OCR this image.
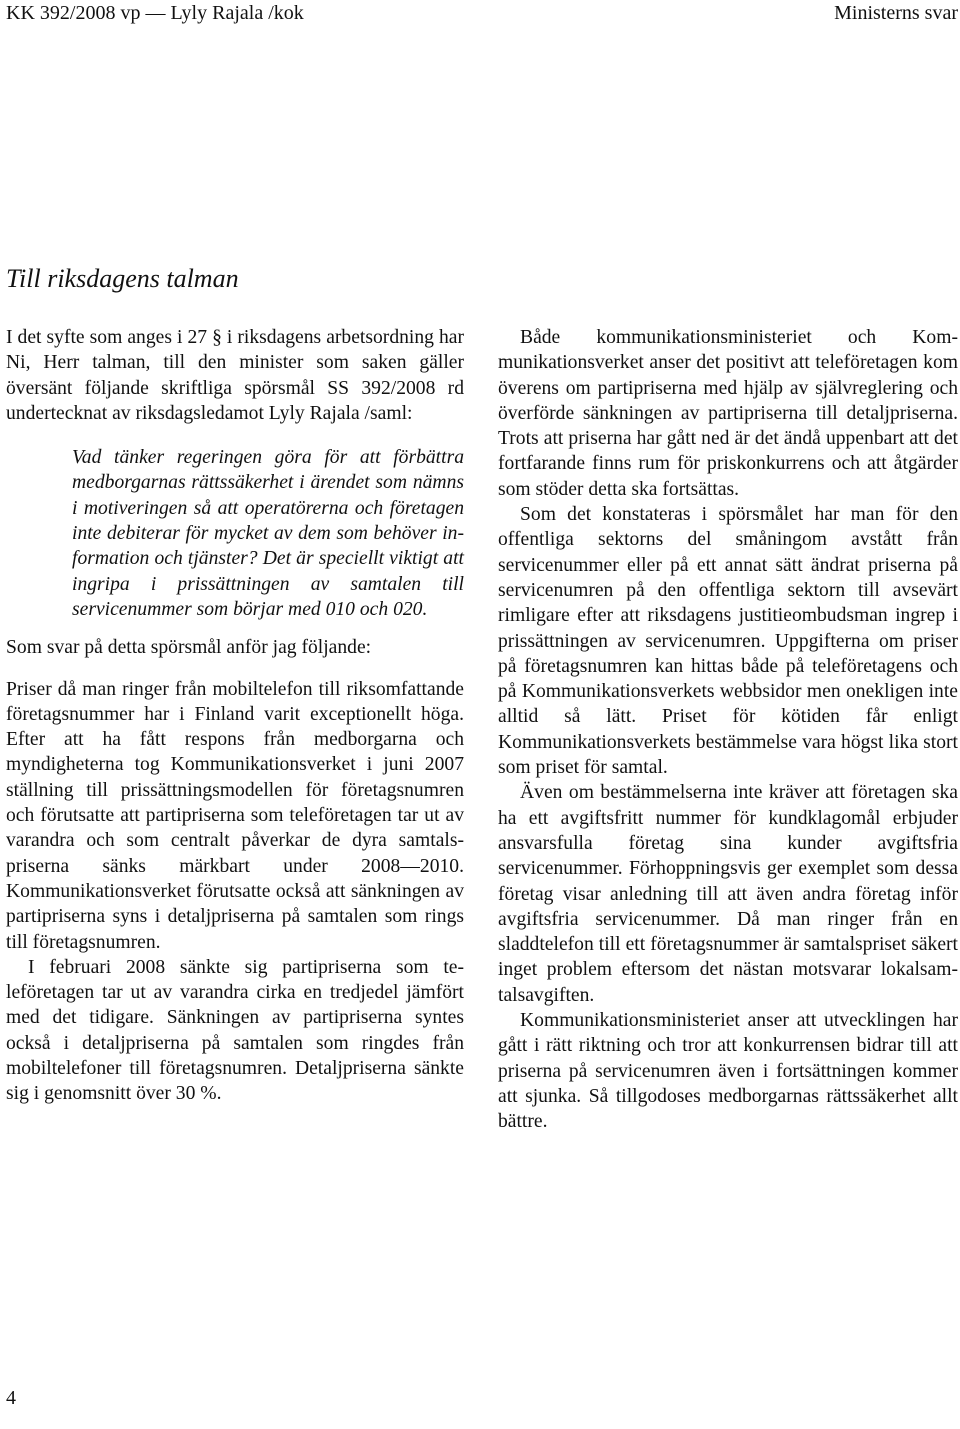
KK 392/2008 vp — Lyly Rajala /kok	Ministerns svar
Till riksdagens talman

I det syfte som anges i 27 § i riksdagens arbetsordning har Ni, Herr talman, till den minister som saken gäller översänt följande skriftliga spörsmål SS 392/2008 rd undertecknat av riksdagsledamot Lyly Rajala /saml:

Vad tänker regeringen göra för att förbättra medborgarnas rättssäkerhet i ärendet som nämns i motiveringen så att operatörerna och företagen inte debiterar för mycket av dem som behöver information och tjänster? Det är speciellt viktigt att ingripa i prissättningen av samtalen till servicenummer som börjar med 010 och 020.

Som svar på detta spörsmål anför jag följande:

Priser då man ringer från mobiltelefon till riksomfattande företagsnummer har i Finland varit exceptionellt höga. Efter att ha fått respons från medborgarna och myndigheterna tog Kommunikationsverket i juni 2007 ställning till prissättningsmodellen för företagsnumren och förutsatte att partipriserna som teleföretagen tar ut av varandra och som centralt påverkar de dyra samtalspriserna sänks märkbart under 2008—2010. Kommunikationsverket förutsatte också att sänkningen av partipriserna syns i detaljpriserna på samtalen som rings till företagsnumren.

I februari 2008 sänkte sig partipriserna som teleföretagen tar ut av varandra cirka en tredjedel jämfört med det tidigare. Sänkningen av partipriserna syntes också i detaljpriserna på samtalen som ringdes från mobiltelefoner till företagsnumren. Detaljpriserna sänkte sig i genomsnitt över 30 %.

Både kommunikationsministeriet och Kommunikationsverket anser det positivt att teleföretagen kom överens om partipriserna med hjälp av självreglering och överförde sänkningen av partipriserna till detaljpriserna. Trots att priserna har gått ned är det ändå uppenbart att det fortfarande finns rum för priskonkurrens och att åtgärder som stöder detta ska fortsättas.

Som det konstateras i spörsmålet har man för den offentliga sektorns del småningom avstått från servicenummer eller på ett annat sätt ändrat priserna på servicenumren på den offentliga sektorn till avsevärt rimligare efter att riksdagens justitieombudsman ingrep i prissättningen av servicenumren. Uppgifterna om priser på företagsnumren kan hittas både på teleföretagens och på Kommunikationsverkets webbsidor men onekligen inte alltid så lätt. Priset för kötiden får enligt Kommunikationsverkets bestämmelse vara högst lika stort som priset för samtal.

Även om bestämmelserna inte kräver att företagen ska ha ett avgiftsfritt nummer för kundklagomål erbjuder ansvarsfulla företag sina kunder avgiftsfria servicenummer. Förhoppningsvis ger exemplet som dessa företag visar anledning till att även andra företag inför avgiftsfria servicenummer. Då man ringer från en sladdtelefon till ett företagsnummer är samtalspriset säkert inget problem eftersom det nästan motsvarar lokalsamtalsavgiften.

Kommunikationsministeriet anser att utvecklingen har gått i rätt riktning och tror att konkurrensen bidrar till att priserna på servicenumren även i fortsättningen kommer att sjunka. Så tillgodoses medborgarnas rättssäkerhet allt bättre.

4
